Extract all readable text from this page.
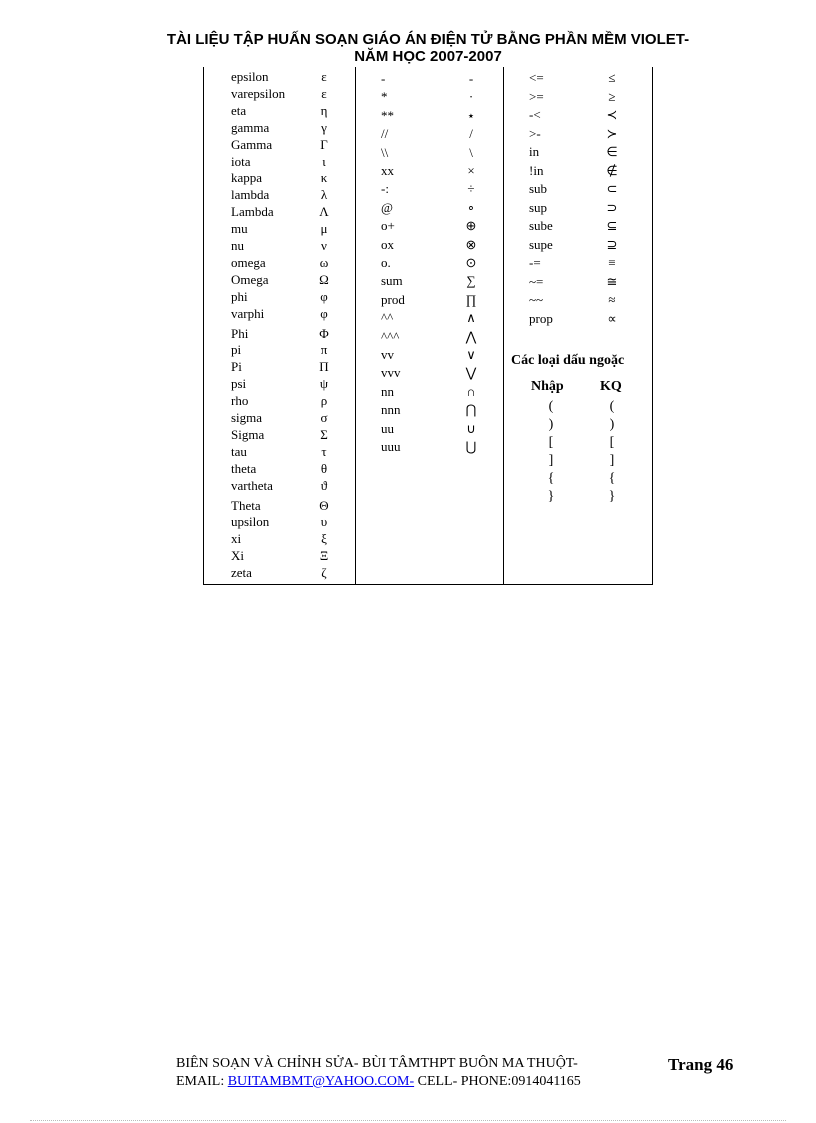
TÀI LIỆU TẬP HUẤN SOẠN GIÁO ÁN ĐIỆN TỬ BẰNG PHẦN MỀM VIOLET-
NĂM HỌC 2007-2007
epsilon	ε
varepsilon	ε
eta	η
gamma	γ
Gamma	Γ
iota	ι
kappa	κ
lambda	λ
Lambda	Λ
mu	μ
nu	ν
omega	ω
Omega	Ω
phi	φ
varphi	φ
Phi	Φ
pi	π
Pi	Π
psi	ψ
rho	ρ
sigma	σ
Sigma	Σ
tau	τ
theta	θ
vartheta	ϑ
Theta	Θ
upsilon	υ
xi	ξ
Xi	Ξ
zeta	ζ
-	-
*	·
**	⋆
//	/
\\	\
xx	×
-:	÷
@	∘
o+	⊕
ox	⊗
o.	⊙
sum	∑
prod	∏
^^	∧
^^^	⋀
vv	∨
vvv	⋁
nn	∩
nnn	⋂
uu	∪
uuu	⋃
<=	≤
>=	≥
-<	≺
>-	≻
in	∈
!in	∉
sub	⊂
sup	⊃
sube	⊆
supe	⊇
-=	≡
~=	≅
~~	≈
prop	∝
Các loại dấu ngoặc
Nhập	KQ
(	(
)	)
[	[
]	]
{	{
}	}
BIÊN SOẠN VÀ CHỈNH SỬA- BÙI TÂMTHPT BUÔN MA THUỘT-
EMAIL: BUITAMBMT@YAHOO.COM- CELL- PHONE:0914041165
Trang 46
